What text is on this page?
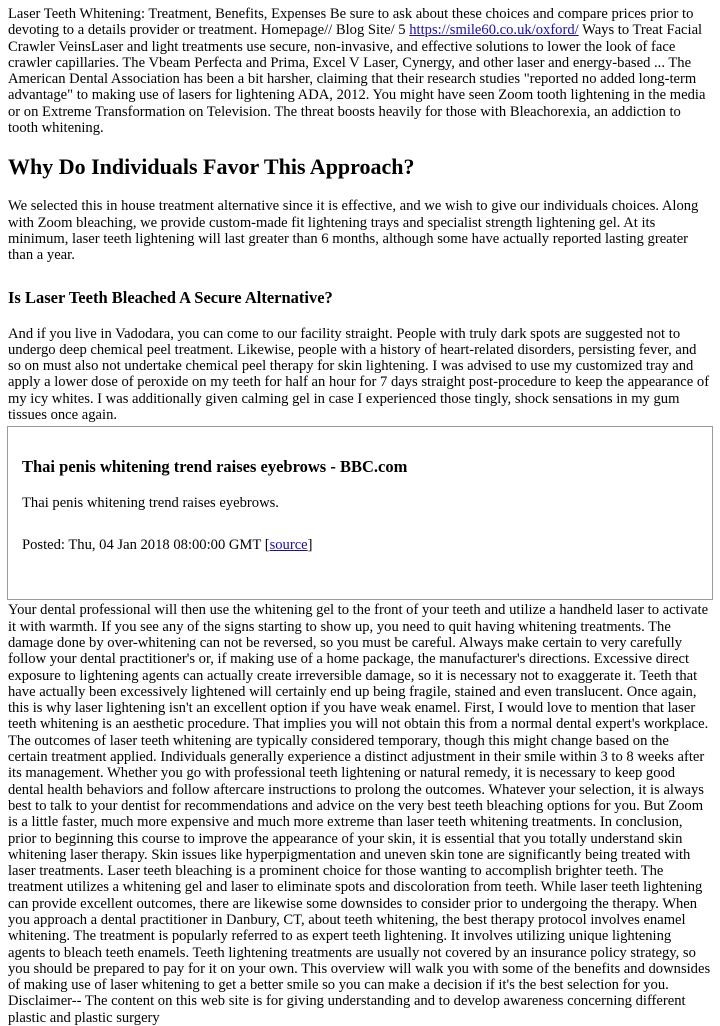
Laser Teeth Whitening: Treatment, Benefits, Expenses Be sure to ask about these choices and compare prices prior to devoting to a details provider or treatment. Homepage// Blog Site/ 5 https://smile60.co.uk/oxford/ Ways to Treat Facial Crawler VeinsLaser and light treatments use secure, non-invasive, and effective solutions to lower the look of face crawler capillaries. The Vbeam Perfecta and Prima, Excel V Laser, Cynergy, and other laser and energy-based ... The American Dental Association has been a bit harsher, claiming that their research studies "reported no added long-term advantage" to making use of lasers for lightening ADA, 2012. You might have seen Zoom tooth lightening in the media or on Extreme Transformation on Television. The threat boosts heavily for those with Bleachorexia, an addiction to tooth whitening.

Why Do Individuals Favor This Approach?

We selected this in house treatment alternative since it is effective, and we wish to give our individuals choices. Along with Zoom bleaching, we provide custom-made fit lightening trays and specialist strength lightening gel. At its minimum, laser teeth lightening will last greater than 6 months, although some have actually reported lasting greater than a year.

Is Laser Teeth Bleached A Secure Alternative?

And if you live in Vadodara, you can come to our facility straight. People with truly dark spots are suggested not to undergo deep chemical peel treatment. Likewise, people with a history of heart-related disorders, persisting fever, and so on must also not undertake chemical peel therapy for skin lightening. I was advised to use my customized tray and apply a lower dose of peroxide on my teeth for half an hour for 7 days straight post-procedure to keep the appearance of my icy whites. I was additionally given calming gel in case I experienced those tingly, shock sensations in my gum tissues once again.

Thai penis whitening trend raises eyebrows - BBC.com

Thai penis whitening trend raises eyebrows.

Posted: Thu, 04 Jan 2018 08:00:00 GMT [source]

Your dental professional will then use the whitening gel to the front of your teeth and utilize a handheld laser to activate it with warmth. If you see any of the signs starting to show up, you need to quit having whitening treatments. The damage done by over-whitening can not be reversed, so you must be careful. Always make certain to very carefully follow your dental practitioner's or, if making use of a home package, the manufacturer's directions. Excessive direct exposure to lightening agents can actually create irreversible damage, so it is necessary not to exaggerate it. Teeth that have actually been excessively lightened will certainly end up being fragile, stained and even translucent. Once again, this is why laser lightening isn't an excellent option if you have weak enamel. First, I would love to mention that laser teeth whitening is an aesthetic procedure. That implies you will not obtain this from a normal dental expert's workplace. The outcomes of laser teeth whitening are typically considered temporary, though this might change based on the certain treatment applied. Individuals generally experience a distinct adjustment in their smile within 3 to 8 weeks after its management. Whether you go with professional teeth lightening or natural remedy, it is necessary to keep good dental health behaviors and follow aftercare instructions to prolong the outcomes. Whatever your selection, it is always best to talk to your dentist for recommendations and advice on the very best teeth bleaching options for you. But Zoom is a little faster, much more expensive and much more extreme than laser teeth whitening treatments. In conclusion, prior to beginning this course to improve the appearance of your skin, it is essential that you totally understand skin whitening laser therapy. Skin issues like hyperpigmentation and uneven skin tone are significantly being treated with laser treatments. Laser teeth bleaching is a prominent choice for those wanting to accomplish brighter teeth. The treatment utilizes a whitening gel and laser to eliminate spots and discoloration from teeth. While laser teeth lightening can provide excellent outcomes, there are likewise some downsides to consider prior to undergoing the therapy. When you approach a dental practitioner in Danbury, CT, about teeth whitening, the best therapy protocol involves enamel whitening. The treatment is popularly referred to as expert teeth lightening. It involves utilizing unique lightening agents to bleach teeth enamels. Teeth lightening treatments are usually not covered by an insurance policy strategy, so you should be prepared to pay for it on your own. This overview will walk you with some of the benefits and downsides of making use of laser whitening to get a better smile so you can make a decision if it's the best selection for you. Disclaimer-- The content on this web site is for giving understanding and to develop awareness concerning different plastic and plastic surgery
